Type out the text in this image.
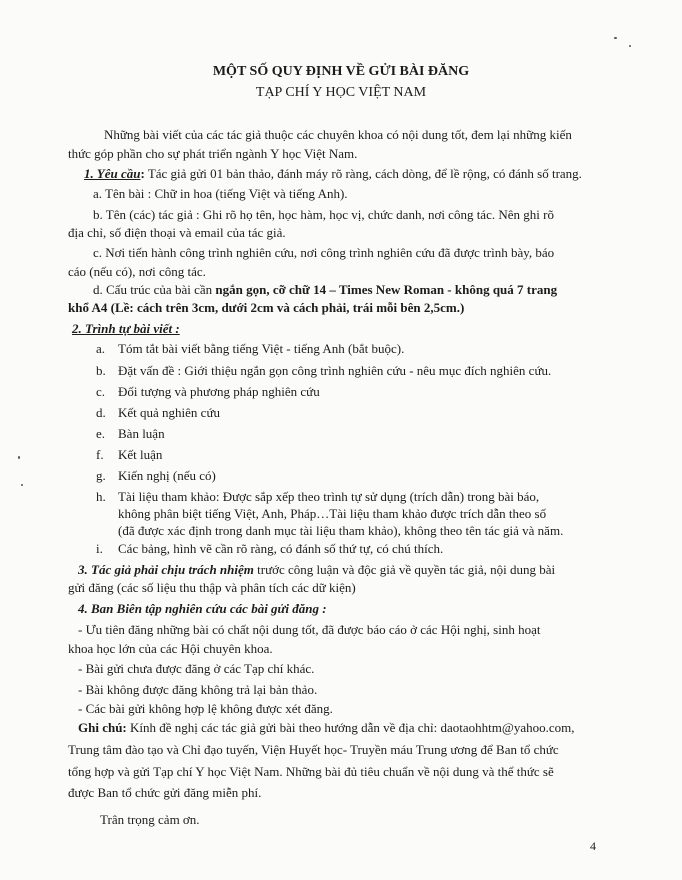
MỘT SỐ QUY ĐỊNH VỀ GỬI BÀI ĐĂNG
TẠP CHÍ Y HỌC VIỆT NAM
Những bài viết của các tác giả thuộc các chuyên khoa có nội dung tốt, đem lại những kiến
thức góp phần cho sự phát triển ngành Y học Việt Nam.
1. Yêu cầu: Tác giả gửi 01 bản thảo, đánh máy rõ ràng, cách dòng, để lề rộng, có đánh số trang.
a. Tên bài : Chữ in hoa (tiếng Việt và tiếng Anh).
b. Tên (các) tác giả : Ghi rõ họ tên, học hàm, học vị, chức danh, nơi công tác. Nên ghi rõ
địa chỉ, số điện thoại và email của tác giả.
c. Nơi tiến hành công trình nghiên cứu, nơi công trình nghiên cứu đã được trình bày, báo
cáo (nếu có), nơi công tác.
d. Cấu trúc của bài cần ngắn gọn, cỡ chữ 14 – Times New Roman - không quá 7 trang
khổ A4 (Lề: cách trên 3cm, dưới 2cm và cách phải, trái mỗi bên 2,5cm.)
2. Trình tự bài viết :
a. Tóm tắt bài viết bằng tiếng Việt - tiếng Anh (bắt buộc).
b. Đặt vấn đề : Giới thiệu ngắn gọn công trình nghiên cứu - nêu mục đích nghiên cứu.
c. Đối tượng và phương pháp nghiên cứu
d. Kết quả nghiên cứu
e. Bàn luận
f. Kết luận
g. Kiến nghị (nếu có)
h. Tài liệu tham khảo: Được sắp xếp theo trình tự sử dụng (trích dẫn) trong bài báo,
không phân biệt tiếng Việt, Anh, Pháp…Tài liệu tham khảo được trích dẫn theo số
(đã được xác định trong danh mục tài liệu tham khảo), không theo tên tác giả và năm.
i. Các bảng, hình vẽ cần rõ ràng, có đánh số thứ tự, có chú thích.
3. Tác giả phải chịu trách nhiệm trước công luận và độc giả về quyền tác giả, nội dung bài
gửi đăng (các số liệu thu thập và phân tích các dữ kiện)
4. Ban Biên tập nghiên cứu các bài gửi đăng :
- Ưu tiên đăng những bài có chất nội dung tốt, đã được báo cáo ở các Hội nghị, sinh hoạt
khoa học lớn của các Hội chuyên khoa.
- Bài gửi chưa được đăng ở các Tạp chí khác.
- Bài không được đăng không trả lại bản thảo.
- Các bài gửi không hợp lệ không được xét đăng.
Ghi chú: Kính đề nghị các tác giả gửi bài theo hướng dẫn về địa chỉ: daotaohhtm@yahoo.com,
Trung tâm đào tạo và Chỉ đạo tuyến, Viện Huyết học- Truyền máu Trung ương để Ban tổ chức
tổng hợp và gửi Tạp chí Y học Việt Nam. Những bài đủ tiêu chuẩn về nội dung và thể thức sẽ
được Ban tổ chức gửi đăng miễn phí.
Trân trọng cảm ơn.
4
